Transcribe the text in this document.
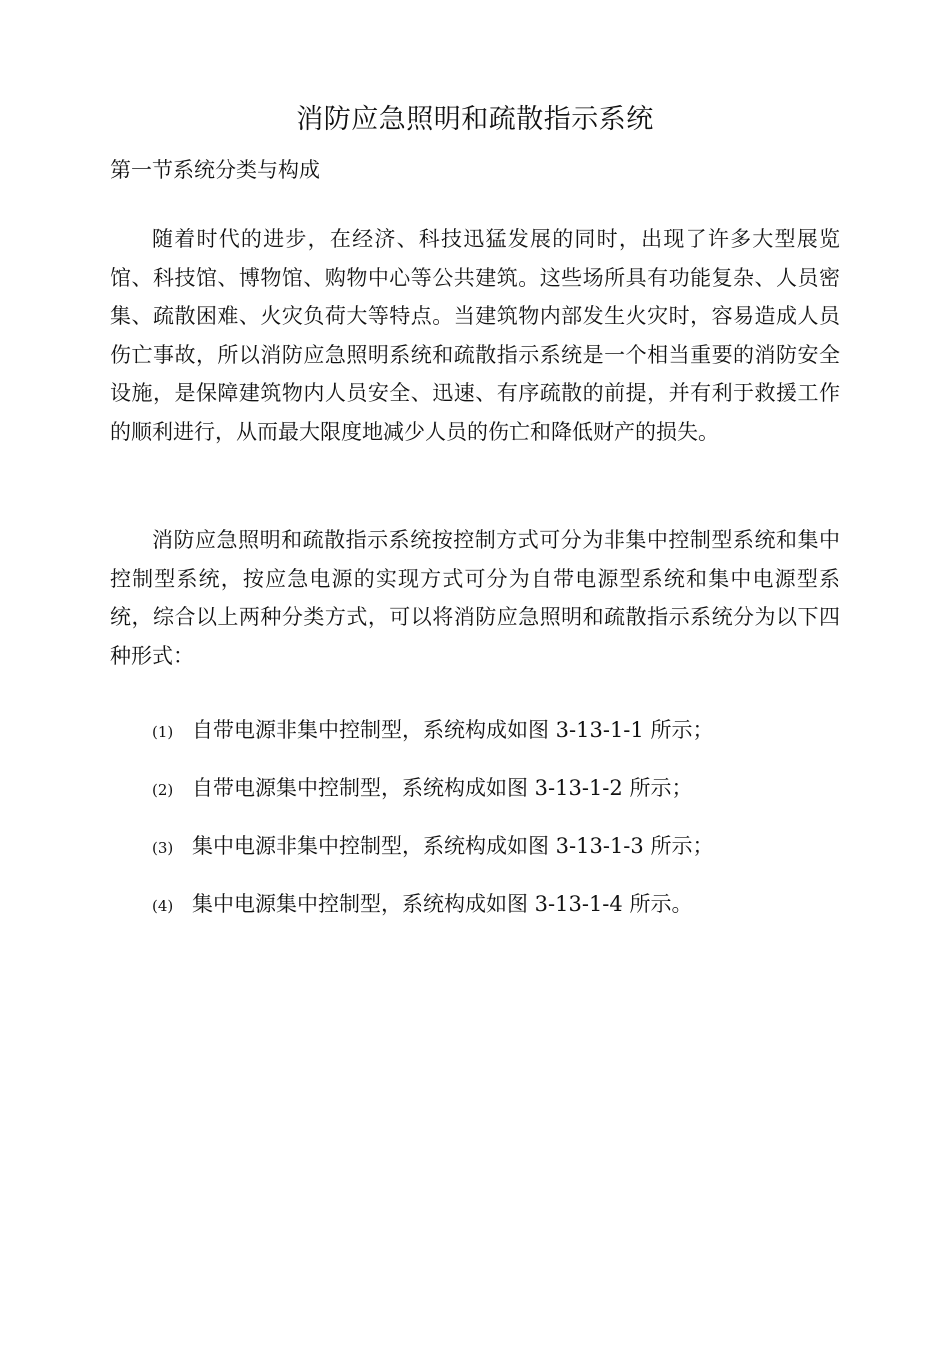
消防应急照明和疏散指示系统
第一节系统分类与构成

随着时代的进步，在经济、科技迅猛发展的同时，出现了许多大型展览馆、科技馆、博物馆、购物中心等公共建筑。这些场所具有功能复杂、人员密集、疏散困难、火灾负荷大等特点。当建筑物内部发生火灾时，容易造成人员伤亡事故，所以消防应急照明系统和疏散指示系统是一个相当重要的消防安全设施，是保障建筑物内人员安全、迅速、有序疏散的前提，并有利于救援工作的顺利进行，从而最大限度地减少人员的伤亡和降低财产的损失。

消防应急照明和疏散指示系统按控制方式可分为非集中控制型系统和集中控制型系统，按应急电源的实现方式可分为自带电源型系统和集中电源型系统，综合以上两种分类方式，可以将消防应急照明和疏散指示系统分为以下四种形式：

(1) 自带电源非集中控制型，系统构成如图 3-13-1-1 所示；
(2) 自带电源集中控制型，系统构成如图 3-13-1-2 所示；
(3) 集中电源非集中控制型，系统构成如图 3-13-1-3 所示；
(4) 集中电源集中控制型，系统构成如图 3-13-1-4 所示。
